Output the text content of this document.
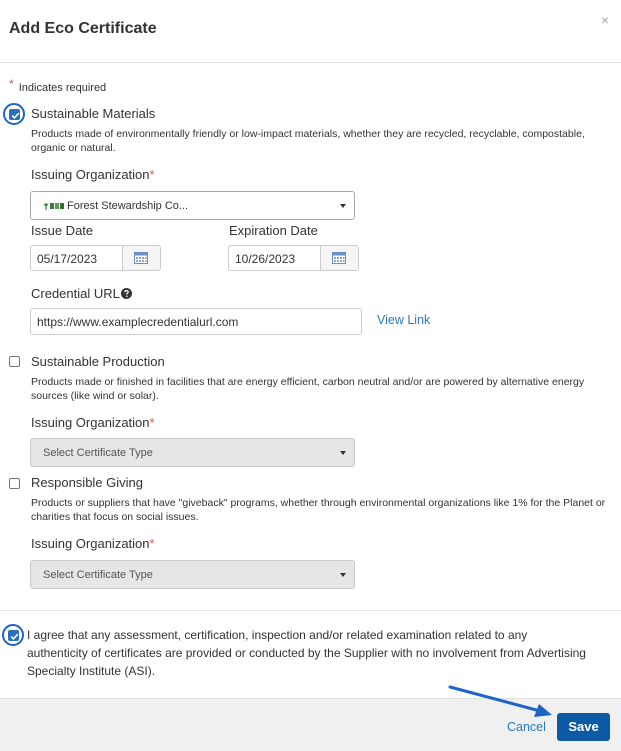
Add Eco Certificate	×
* Indicates required
Sustainable Materials
Products made of environmentally friendly or low-impact materials, whether they are recycled, recyclable, compostable, organic or natural.
Issuing Organization*
Forest Stewardship Co...
Issue Date
05/17/2023
Expiration Date
10/26/2023
Credential URL
https://www.examplecredentialurl.com	View Link
Sustainable Production
Products made or finished in facilities that are energy efficient, carbon neutral and/or are powered by alternative energy sources (like wind or solar).
Issuing Organization*
Select Certificate Type
Responsible Giving
Products or suppliers that have "giveback" programs, whether through environmental organizations like 1% for the Planet or charities that focus on social issues.
Issuing Organization*
Select Certificate Type
I agree that any assessment, certification, inspection and/or related examination related to any authenticity of certificates are provided or conducted by the Supplier with no involvement from Advertising Specialty Institute (ASI).
Cancel	Save
